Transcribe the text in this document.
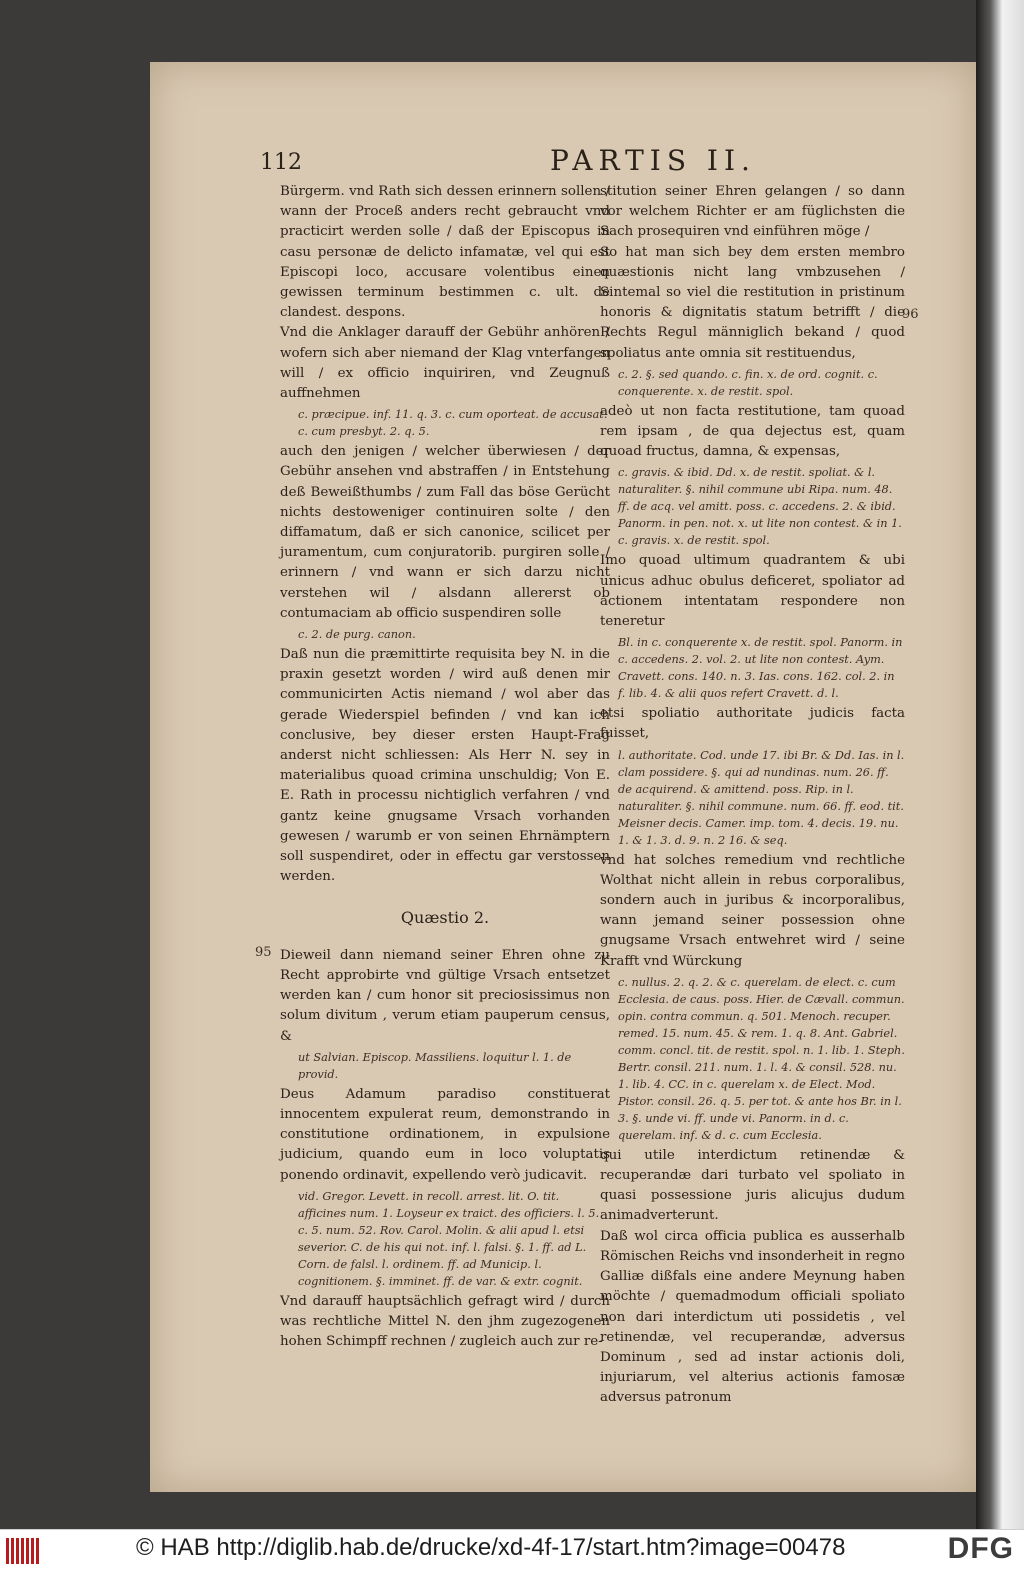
112	PARTIS II.
95
96

Bürgerm. vnd Rath sich dessen erinnern sollen / wann der Proceß anders recht gebraucht vnd practicirt werden solle / daß der Episcopus in casu personæ de delicto infamatæ, vel qui est Episcopi loco, accusare volentibus einen gewissen terminum bestimmen c. ult. de clandest. despons.

Vnd die Anklager darauff der Gebühr anhören / wofern sich aber niemand der Klag vnterfangen will / ex officio inquiriren, vnd Zeugnuß auffnehmen

c. præcipue. inf. 11. q. 3. c. cum oporteat. de accusat. c. cum presbyt. 2. q. 5.

auch den jenigen / welcher überwiesen / der Gebühr ansehen vnd abstraffen / in Entstehung deß Beweißthumbs / zum Fall das böse Gerücht nichts destoweniger continuiren solte / den diffamatum, daß er sich canonice, scilicet per juramentum, cum conjuratorib. purgiren solle / erinnern / vnd wann er sich darzu nicht verstehen wil / alsdann allererst ob contumaciam ab officio suspendiren solle

c. 2. de purg. canon.

Daß nun die præmittirte requisita bey N. in die praxin gesetzt worden / wird auß denen mir communicirten Actis niemand / wol aber das gerade Wiederspiel befinden / vnd kan ich conclusive, bey dieser ersten Haupt-Frag anderst nicht schliessen: Als Herr N. sey in materialibus quoad crimina unschuldig; Von E. E. Rath in processu nichtiglich verfahren / vnd gantz keine gnugsame Vrsach vorhanden gewesen / warumb er von seinen Ehrnämptern soll suspendiret, oder in effectu gar verstossen werden.

Quæstio 2.

Dieweil dann niemand seiner Ehren ohne zu Recht approbirte vnd gültige Vrsach entsetzet werden kan / cum honor sit preciosissimus non solum divitum , verum etiam pauperum census, &

ut Salvian. Episcop. Massiliens. loquitur l. 1. de provid.

Deus Adamum paradiso constituerat innocentem expulerat reum, demonstrando in constitutione ordinationem, in expulsione judicium, quando eum in loco voluptatis ponendo ordinavit, expellendo verò judicavit.

vid. Gregor. Levett. in recoll. arrest. lit. O. tit. afficines num. 1. Loyseur ex traict. des officiers. l. 5. c. 5. num. 52. Rov. Carol. Molin. & alii apud l. etsi severior. C. de his qui not. inf. l. falsi. §. 1. ff. ad L. Corn. de falsl. l. ordinem. ff. ad Municip. l. cognitionem. §. imminet. ff. de var. & extr. cognit.

Vnd darauff hauptsächlich gefragt wird / durch was rechtliche Mittel N. den jhm zugezogenen hohen Schimpff rechnen / zugleich auch zur re-

stitution seiner Ehren gelangen / so dann vor welchem Richter er am füglichsten die Sach prosequiren vnd einführen möge /

So hat man sich bey dem ersten membro quæstionis nicht lang vmbzusehen / Sintemal so viel die restitution in pristinum honoris & dignitatis statum betrifft / die Rechts Regul männiglich bekand / quod spoliatus ante omnia sit restituendus,

c. 2. §. sed quando. c. fin. x. de ord. cognit. c. conquerente. x. de restit. spol.

adeò ut non facta restitutione, tam quoad rem ipsam , de qua dejectus est, quam quoad fructus, damna, & expensas,

c. gravis. & ibid. Dd. x. de restit. spoliat. & l. naturaliter. §. nihil commune ubi Ripa. num. 48. ff. de acq. vel amitt. poss. c. accedens. 2. & ibid. Panorm. in pen. not. x. ut lite non contest. & in 1. c. gravis. x. de restit. spol.

Imo quoad ultimum quadrantem & ubi unicus adhuc obulus deficeret, spoliator ad actionem intentatam respondere non teneretur

Bl. in c. conquerente x. de restit. spol. Panorm. in c. accedens. 2. vol. 2. ut lite non contest. Aym. Cravett. cons. 140. n. 3. Ias. cons. 162. col. 2. in f. lib. 4. & alii quos refert Cravett. d. l.

etsi spoliatio authoritate judicis facta fuisset,

l. authoritate. Cod. unde 17. ibi Br. & Dd. Ias. in l. clam possidere. §. qui ad nundinas. num. 26. ff. de acquirend. & amittend. poss. Rip. in l. naturaliter. §. nihil commune. num. 66. ff. eod. tit. Meisner decis. Camer. imp. tom. 4. decis. 19. nu. 1. & 1. 3. d. 9. n. 2 16. & seq.

vnd hat solches remedium vnd rechtliche Wolthat nicht allein in rebus corporalibus, sondern auch in juribus & incorporalibus, wann jemand seiner possession ohne gnugsame Vrsach entwehret wird / seine Krafft vnd Würckung

c. nullus. 2. q. 2. & c. querelam. de elect. c. cum Ecclesia. de caus. poss. Hier. de Cævall. commun. opin. contra commun. q. 501. Menoch. recuper. remed. 15. num. 45. & rem. 1. q. 8. Ant. Gabriel. comm. concl. tit. de restit. spol. n. 1. lib. 1. Steph. Bertr. consil. 211. num. 1. l. 4. & consil. 528. nu. 1. lib. 4. CC. in c. querelam x. de Elect. Mod. Pistor. consil. 26. q. 5. per tot. & ante hos Br. in l. 3. §. unde vi. ff. unde vi. Panorm. in d. c. querelam. inf. & d. c. cum Ecclesia.

qui utile interdictum retinendæ & recuperandæ dari turbato vel spoliato in quasi possessione juris alicujus dudum animadverterunt.

Daß wol circa officia publica es ausserhalb Römischen Reichs vnd insonderheit in regno Galliæ dißfals eine andere Meynung haben möchte / quemadmodum officiali spoliato non dari interdictum uti possidetis , vel retinendæ, vel recuperandæ, adversus Dominum , sed ad instar actionis doli, injuriarum, vel alterius actionis famosæ adversus patronum

© HAB http://diglib.hab.de/drucke/xd-4f-17/start.htm?image=00478	DFG
